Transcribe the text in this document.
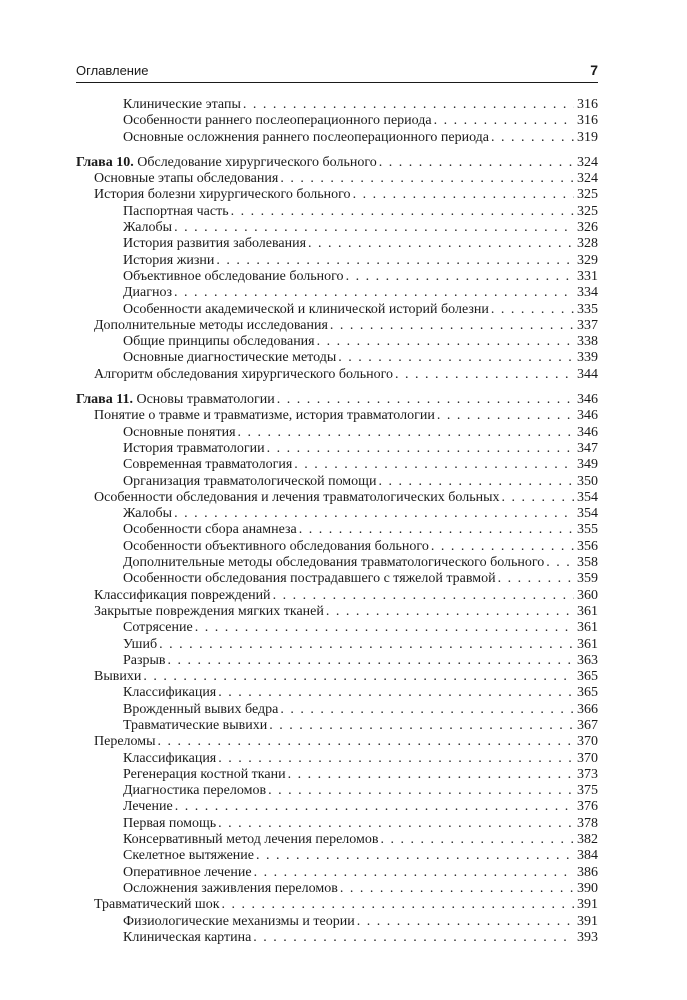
Оглавление	7
Клинические этапы . . .	316
Особенности раннего послеоперационного периода . . .	316
Основные осложнения раннего послеоперационного периода . . .	319
Глава 10. Обследование хирургического больного . . .	324
Основные этапы обследования . . .	324
История болезни хирургического больного . . .	325
Паспортная часть . . .	325
Жалобы . . .	326
История развития заболевания . . .	328
История жизни . . .	329
Объективное обследование больного . . .	331
Диагноз . . .	334
Особенности академической и клинической историй болезни . . .	335
Дополнительные методы исследования . . .	337
Общие принципы обследования . . .	338
Основные диагностические методы . . .	339
Алгоритм обследования хирургического больного . . .	344
Глава 11. Основы травматологии . . .	346
Понятие о травме и травматизме, история травматологии . . .	346
Основные понятия . . .	346
История травматологии . . .	347
Современная травматология . . .	349
Организация травматологической помощи . . .	350
Особенности обследования и лечения травматологических больных . . .	354
Жалобы . . .	354
Особенности сбора анамнеза . . .	355
Особенности объективного обследования больного . . .	356
Дополнительные методы обследования травматологического больного . . . 358
Особенности обследования пострадавшего с тяжелой травмой . . .	359
Классификация повреждений . . .	360
Закрытые повреждения мягких тканей . . .	361
Сотрясение . . .	361
Ушиб . . .	361
Разрыв . . .	363
Вывихи . . .	365
Классификация . . .	365
Врожденный вывих бедра . . .	366
Травматические вывихи . . .	367
Переломы . . .	370
Классификация . . .	370
Регенерация костной ткани . . .	373
Диагностика переломов . . .	375
Лечение . . .	376
Первая помощь . . .	378
Консервативный метод лечения переломов . . .	382
Скелетное вытяжение . . .	384
Оперативное лечение . . .	386
Осложнения заживления переломов . . .	390
Травматический шок . . .	391
Физиологические механизмы и теории . . .	391
Клиническая картина . . .	393
